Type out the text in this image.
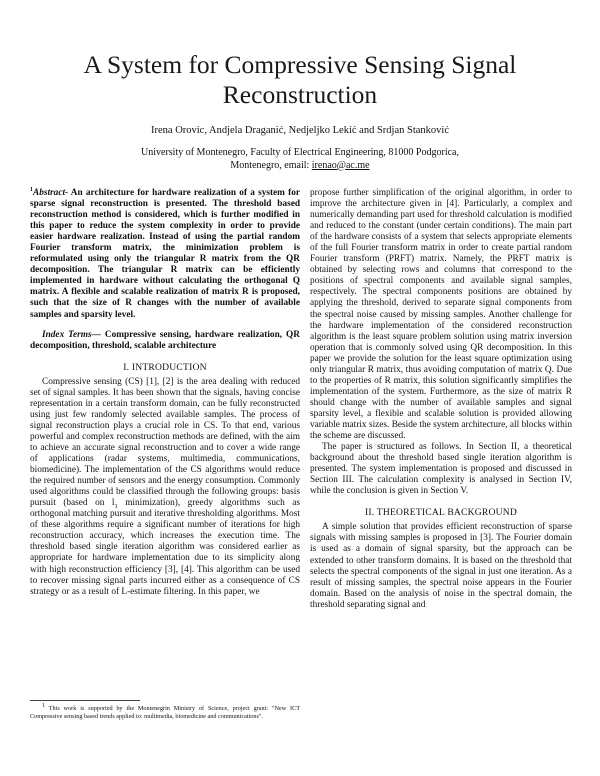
A System for Compressive Sensing Signal Reconstruction
Irena Orovic, Andjela Draganić, Nedjeljko Lekić and Srdjan Stanković
University of Montenegro, Faculty of Electrical Engineering, 81000 Podgorica,
Montenegro, email: irenao@ac.me

$^1$Abstract- An architecture for hardware realization of a system for sparse signal reconstruction is presented. The threshold based reconstruction method is considered, which is further modified in this paper to reduce the system complexity in order to provide easier hardware realization. Instead of using the partial random Fourier transform matrix, the minimization problem is reformulated using only the triangular R matrix from the QR decomposition. The triangular R matrix can be efficiently implemented in hardware without calculating the orthogonal Q matrix. A flexible and scalable realization of matrix R is proposed, such that the size of R changes with the number of available samples and sparsity level.

Index Terms— Compressive sensing, hardware realization, QR decomposition, threshold, scalable architecture

I. INTRODUCTION

Compressive sensing (CS) [1], [2] is the area dealing with reduced set of signal samples. It has been shown that the signals, having concise representation in a certain transform domain, can be fully reconstructed using just few randomly selected available samples. The process of signal reconstruction plays a crucial role in CS. To that end, various powerful and complex reconstruction methods are defined, with the aim to achieve an accurate signal reconstruction and to cover a wide range of applications (radar systems, multimedia, communications, biomedicine). The implementation of the CS algorithms would reduce the required number of sensors and the energy consumption. Commonly used algorithms could be classified through the following groups: basis pursuit (based on $l_1$ minimization), greedy algorithms such as orthogonal matching pursuit and iterative thresholding algorithms. Most of these algorithms require a significant number of iterations for high reconstruction accuracy, which increases the execution time. The threshold based single iteration algorithm was considered earlier as appropriate for hardware implementation due to its simplicity along with high reconstruction efficiency [3], [4]. This algorithm can be used to recover missing signal parts incurred either as a consequence of CS strategy or as a result of L-estimate filtering. In this paper, we

1 This work is supported by the Montenegrin Ministry of Science, project grant: "New ICT Compressive sensing based trends applied to: multimedia, biomedicine and communications".

propose further simplification of the original algorithm, in order to improve the architecture given in [4]. Particularly, a complex and numerically demanding part used for threshold calculation is modified and reduced to the constant (under certain conditions). The main part of the hardware consists of a system that selects appropriate elements of the full Fourier transform matrix in order to create partial random Fourier transform (PRFT) matrix. Namely, the PRFT matrix is obtained by selecting rows and columns that correspond to the positions of spectral components and available signal samples, respectively. The spectral components positions are obtained by applying the threshold, derived to separate signal components from the spectral noise caused by missing samples. Another challenge for the hardware implementation of the considered reconstruction algorithm is the least square problem solution using matrix inversion operation that is commonly solved using QR decomposition. In this paper we provide the solution for the least square optimization using only triangular R matrix, thus avoiding computation of matrix Q. Due to the properties of R matrix, this solution significantly simplifies the implementation of the system. Furthermore, as the size of matrix R should change with the number of available samples and signal sparsity level, a flexible and scalable solution is provided allowing variable matrix sizes. Beside the system architecture, all blocks within the scheme are discussed.

The paper is structured as follows. In Section II, a theoretical background about the threshold based single iteration algorithm is presented. The system implementation is proposed and discussed in Section III. The calculation complexity is analysed in Section IV, while the conclusion is given in Section V.

II. THEORETICAL BACKGROUND

A simple solution that provides efficient reconstruction of sparse signals with missing samples is proposed in [3]. The Fourier domain is used as a domain of signal sparsity, but the approach can be extended to other transform domains. It is based on the threshold that selects the spectral components of the signal in just one iteration. As a result of missing samples, the spectral noise appears in the Fourier domain. Based on the analysis of noise in the spectral domain, the threshold separating signal and
